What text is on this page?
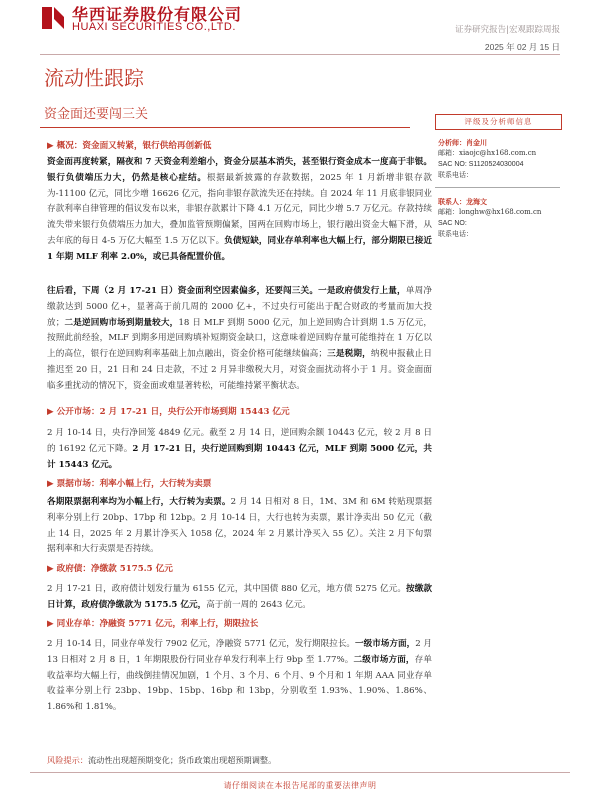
华西证券股份有限公司
HUAXI SECURITIES CO.,LTD.	证券研究报告|宏观跟踪周报
2025 年 02 月 15 日
流动性跟踪
资金面还要闯三关	评级及分析师信息
分析师：肖金川
邮箱：xiaojc@hx168.com.cn
SAC NO: S1120524030004
联系电话：
联系人：龙海文
邮箱：longhw@hx168.com.cn
SAC NO:
联系电话：
▶ 概况：资金面又转紧，银行供给再创新低

资金面再度转紧，隔夜和 7 天资金利差缩小，资金分层基本消失，甚至银行资金成本一度高于非银。银行负债端压力大，仍然是核心症结。根据最新披露的存款数据，2025 年 1 月新增非银存款为-11100 亿元，同比少增 16626 亿元，指向非银存款流失还在持续。自 2024 年 11 月底非银同业存款利率自律管理的倡议发布以来，非银存款累计下降 4.1 万亿元，同比少增 5.7 万亿元。存款持续流失带来银行负债端压力加大，叠加监管预期偏紧，国两在回购市场上，银行融出资金大幅下滑，从去年底的每日 4-5 万亿大幅至 1.5 万亿以下。负债短缺，同业存单利率也大幅上行，部分期限已接近 1 年期 MLF 利率 2.0%，或已具备配置价值。

往后看，下周（2 月 17-21 日）资金面利空因素偏多，还要闯三关。一是政府债发行上量，单周净缴款达到 5000 亿+，显著高于前几周的 2000 亿+，不过央行可能出于配合财政的考量而加大投放；二是逆回购市场到期量较大，18 日 MLF 到期 5000 亿元，加上逆回购合计到期 1.5 万亿元，按照此前经验，MLF 到期多用逆回购填补短期资金缺口，这意味着逆回购存量可能维持在 1 万亿以上的高位，银行在逆回购利率基础上加点融出，资金价格可能继续偏高；三是税期，纳税申报截止日推迟至 20 日，21 日和 24 日走款，不过 2 月异非缴税大月，对资金面扰动将小于 1 月。资金面面临多重扰动的情况下，资金面或难显著转松，可能维持紧平衡状态。

▶ 公开市场：2 月 17-21 日，央行公开市场到期 15443 亿元

2 月 10-14 日，央行净回笼 4849 亿元。截至 2 月 14 日，逆回购余额 10443 亿元，较 2 月 8 日的 16192 亿元下降。2 月 17-21 日，央行逆回购到期 10443 亿元，MLF 到期 5000 亿元，共计 15443 亿元。

▶ 票据市场：利率小幅上行，大行转为卖票

各期限票据利率均为小幅上行，大行转为卖票。2 月 14 日相对 8 日，1M、3M 和 6M 转贴现票据利率分别上行 20bp、17bp 和 12bp。2 月 10-14 日，大行也转为卖票，累计净卖出 50 亿元（截止 14 日，2025 年 2 月累计净买入 1058 亿，2024 年 2 月累计净买入 55 亿）。关注 2 月下旬票据利率和大行卖票是否持续。

▶ 政府债：净缴款 5175.5 亿元

2 月 17-21 日，政府债计划发行量为 6155 亿元，其中国债 880 亿元，地方债 5275 亿元。按缴款日计算，政府债净缴款为 5175.5 亿元，高于前一周的 2643 亿元。

▶ 同业存单：净融资 5771 亿元，利率上行，期限拉长

2 月 10-14 日，同业存单发行 7902 亿元，净融资 5771 亿元，发行期限拉长。一级市场方面，2 月 13 日相对 2 月 8 日，1 年期限股份行同业存单发行利率上行 9bp 至 1.77%。二级市场方面，存单收益率均大幅上行，曲线倒挂情况加剧，1 个月、3 个月、6 个月、9 个月和 1 年期 AAA 同业存单收益率分别上行 23bp、19bp、15bp、16bp 和 13bp，分别收至 1.93%、1.90%、1.86%、1.86%和 1.81%。

风险提示：流动性出现超预期变化；货币政策出现超预期调整。
请仔细阅读在本报告尾部的重要法律声明
